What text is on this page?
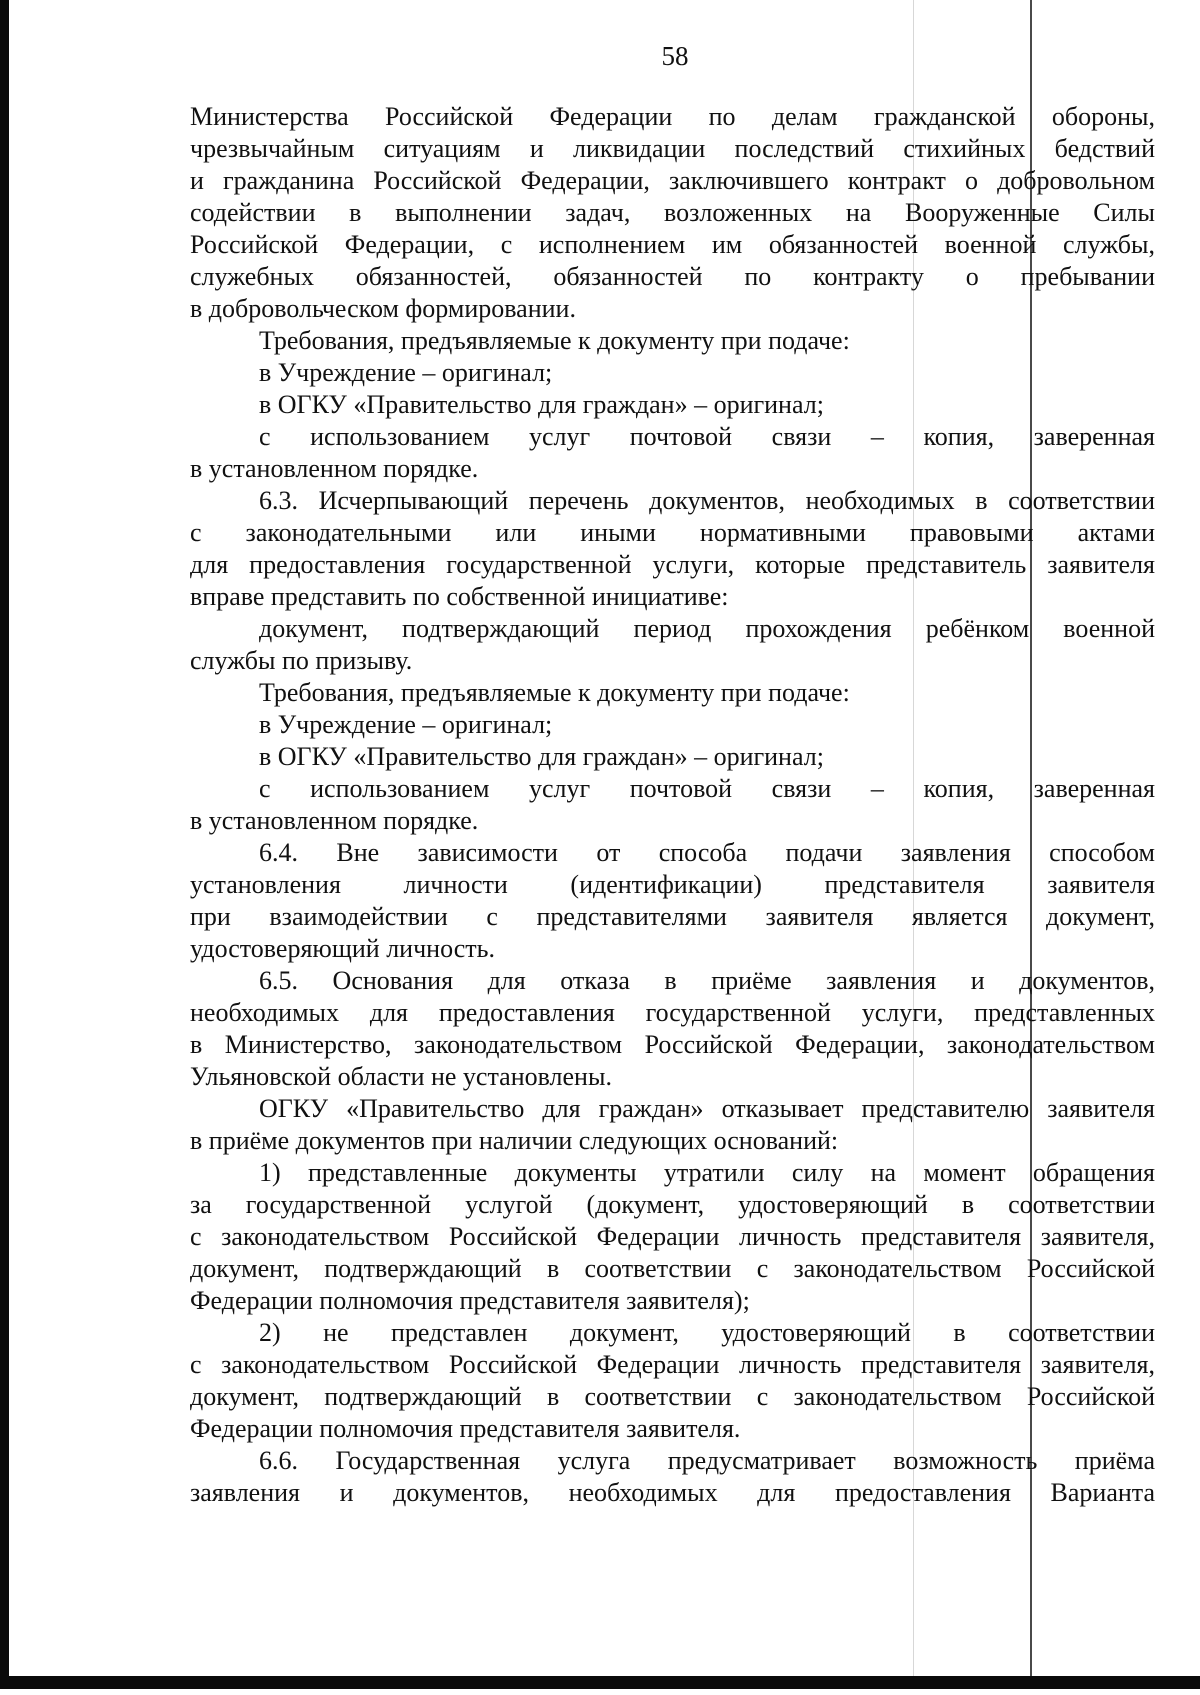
58
Министерства Российской Федерации по делам гражданской обороны,
чрезвычайным ситуациям и ликвидации последствий стихийных бедствий
и гражданина Российской Федерации, заключившего контракт о добровольном
содействии в выполнении задач, возложенных на Вооруженные Силы
Российской Федерации, с исполнением им обязанностей военной службы,
служебных обязанностей, обязанностей по контракту о пребывании
в добровольческом формировании.
Требования, предъявляемые к документу при подаче:
в Учреждение – оригинал;
в ОГКУ «Правительство для граждан» – оригинал;
с использованием услуг почтовой связи – копия, заверенная
в установленном порядке.
6.3. Исчерпывающий перечень документов, необходимых в соответствии
с законодательными или иными нормативными правовыми актами
для предоставления государственной услуги, которые представитель заявителя
вправе представить по собственной инициативе:
документ, подтверждающий период прохождения ребёнком военной
службы по призыву.
Требования, предъявляемые к документу при подаче:
в Учреждение – оригинал;
в ОГКУ «Правительство для граждан» – оригинал;
с использованием услуг почтовой связи – копия, заверенная
в установленном порядке.
6.4. Вне зависимости от способа подачи заявления способом
установления личности (идентификации) представителя заявителя
при взаимодействии с представителями заявителя является документ,
удостоверяющий личность.
6.5. Основания для отказа в приёме заявления и документов,
необходимых для предоставления государственной услуги, представленных
в Министерство, законодательством Российской Федерации, законодательством
Ульяновской области не установлены.
ОГКУ «Правительство для граждан» отказывает представителю заявителя
в приёме документов при наличии следующих оснований:
1) представленные документы утратили силу на момент обращения
за государственной услугой (документ, удостоверяющий в соответствии
с законодательством Российской Федерации личность представителя заявителя,
документ, подтверждающий в соответствии с законодательством Российской
Федерации полномочия представителя заявителя);
2) не представлен документ, удостоверяющий в соответствии
с законодательством Российской Федерации личность представителя заявителя,
документ, подтверждающий в соответствии с законодательством Российской
Федерации полномочия представителя заявителя.
6.6. Государственная услуга предусматривает возможность приёма
заявления и документов, необходимых для предоставления Варианта
